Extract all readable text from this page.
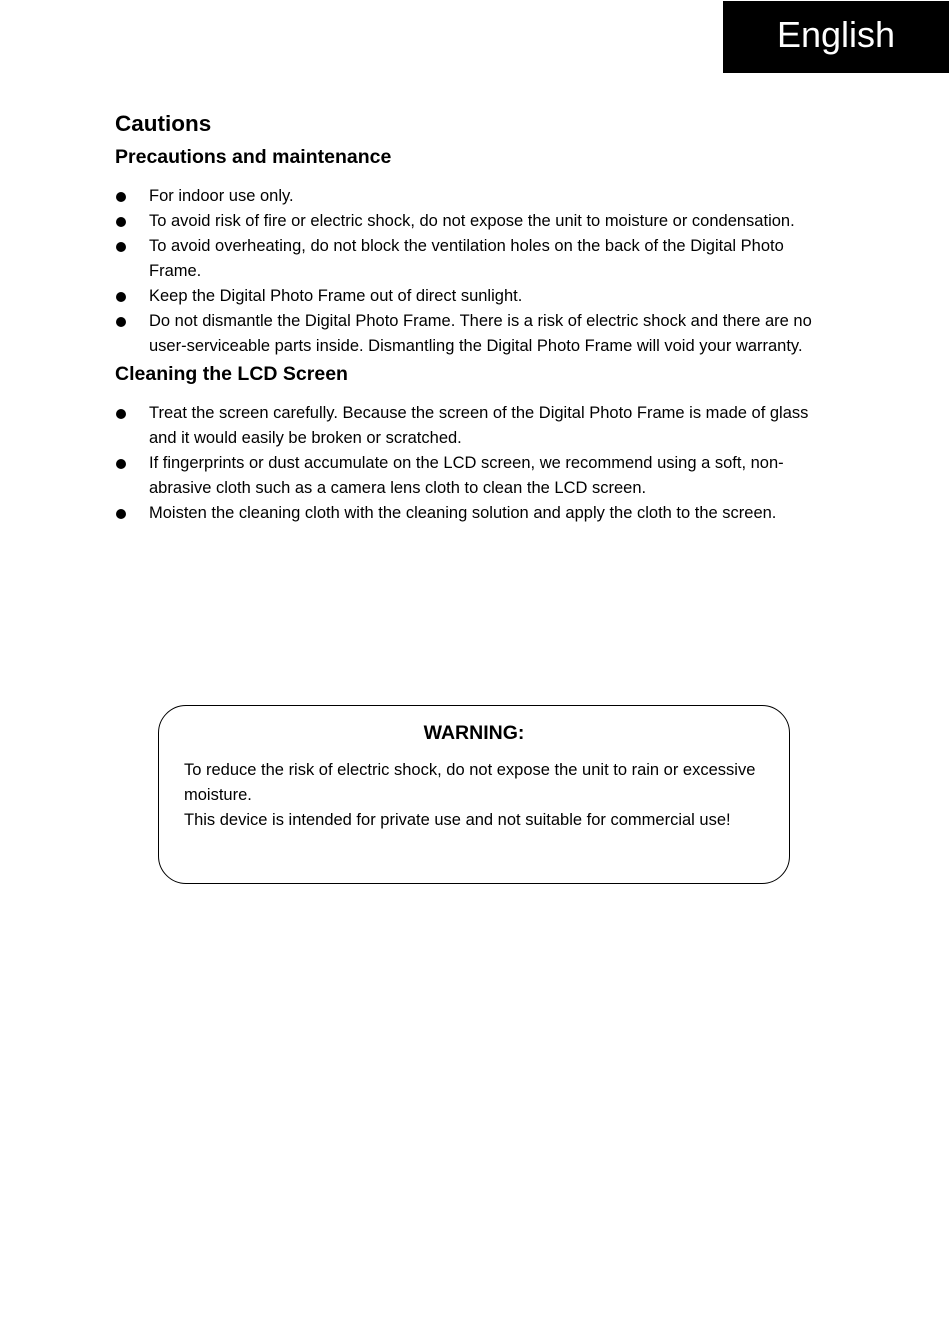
English
Cautions
Precautions and maintenance
For indoor use only.
To avoid risk of fire or electric shock, do not expose the unit to moisture or condensation.
To avoid overheating, do not block the ventilation holes on the back of the Digital Photo Frame.
Keep the Digital Photo Frame out of direct sunlight.
Do not dismantle the Digital Photo Frame. There is a risk of electric shock and there are no user-serviceable parts inside. Dismantling the Digital Photo Frame will void your warranty.
Cleaning the LCD Screen
Treat the screen carefully. Because the screen of the Digital Photo Frame is made of glass and it would easily be broken or scratched.
If fingerprints or dust accumulate on the LCD screen, we recommend using a soft, non-abrasive cloth such as a camera lens cloth to clean the LCD screen.
Moisten the cleaning cloth with the cleaning solution and apply the cloth to the screen.
WARNING:

To reduce the risk of electric shock, do not expose the unit to rain or excessive moisture.

This device is intended for private use and not suitable for commercial use!
